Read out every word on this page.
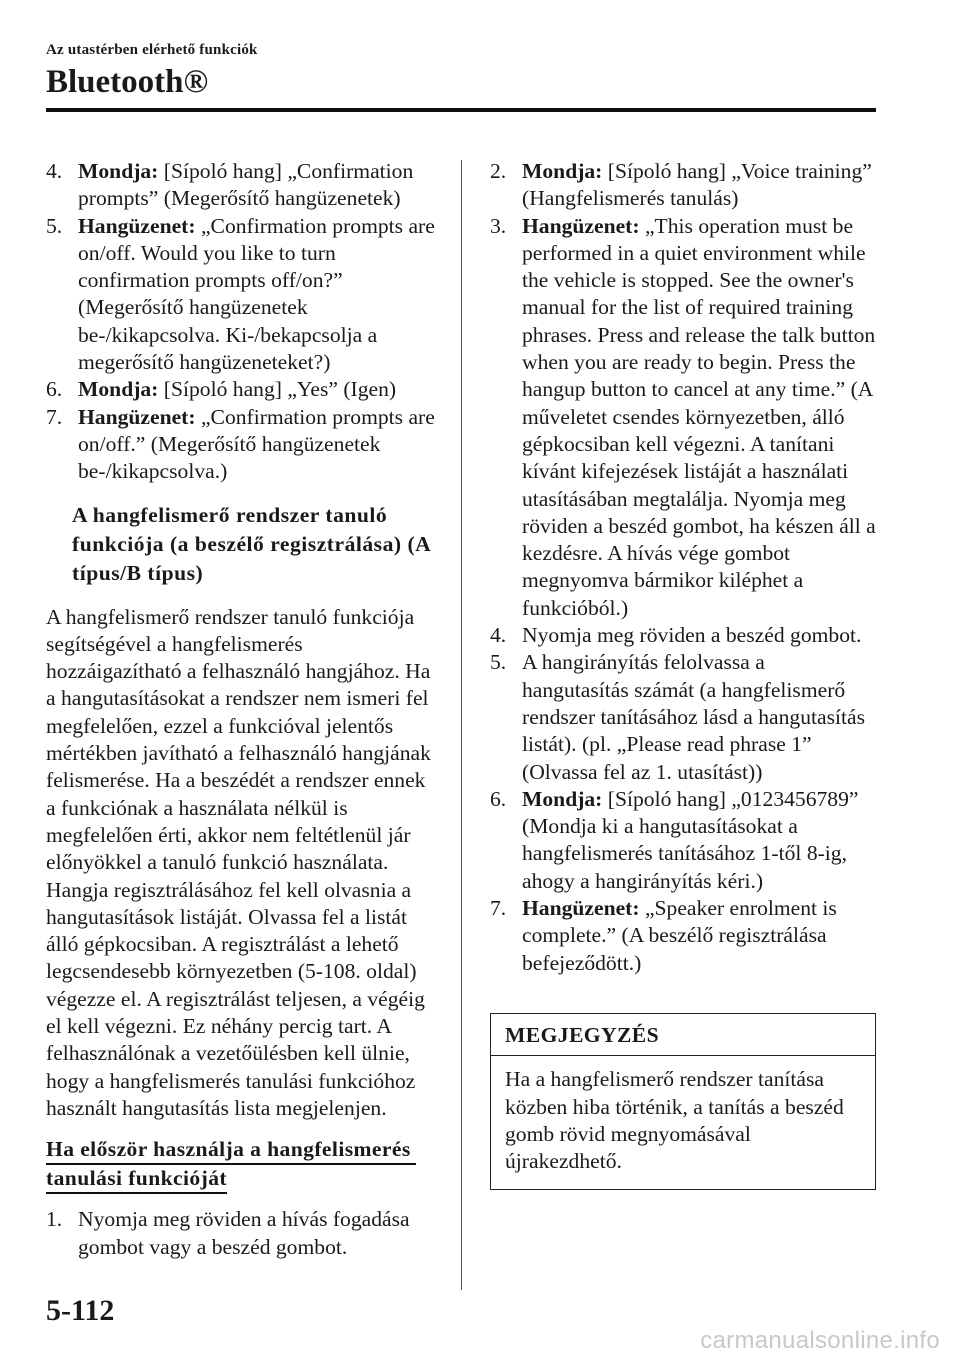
Az utastérben elérhető funkciók
Bluetooth®
4. Mondja: [Sípoló hang] „Confirmation prompts” (Megerősítő hangüzenetek)
5. Hangüzenet: „Confirmation prompts are on/off. Would you like to turn confirmation prompts off/on?” (Megerősítő hangüzenetek be-/kikapcsolva. Ki-/bekapcsolja a megerősítő hangüzeneteket?)
6. Mondja: [Sípoló hang] „Yes” (Igen)
7. Hangüzenet: „Confirmation prompts are on/off.” (Megerősítő hangüzenetek be-/kikapcsolva.)
A hangfelismerő rendszer tanuló funkciója (a beszélő regisztrálása) (A típus/B típus)
A hangfelismerő rendszer tanuló funkciója segítségével a hangfelismerés hozzáigazítható a felhasználó hangjához. Ha a hangutasításokat a rendszer nem ismeri fel megfelelően, ezzel a funkcióval jelentős mértékben javítható a felhasználó hangjának felismerése. Ha a beszédét a rendszer ennek a funkciónak a használata nélkül is megfelelően érti, akkor nem feltétlenül jár előnyökkel a tanuló funkció használata. Hangja regisztrálásához fel kell olvasnia a hangutasítások listáját. Olvassa fel a listát álló gépkocsiban. A regisztrálást a lehető legcsendesebb környezetben (5-108. oldal) végezze el. A regisztrálást teljesen, a végéig el kell végezni. Ez néhány percig tart. A felhasználónak a vezetőülésben kell ülnie, hogy a hangfelismerés tanulási funkcióhoz használt hangutasítás lista megjelenjen.
Ha először használja a hangfelismerés
tanulási funkcióját
1. Nyomja meg röviden a hívás fogadása gombot vagy a beszéd gombot.
2. Mondja: [Sípoló hang] „Voice training” (Hangfelismerés tanulás)
3. Hangüzenet: „This operation must be performed in a quiet environment while the vehicle is stopped. See the owner's manual for the list of required training phrases. Press and release the talk button when you are ready to begin. Press the hangup button to cancel at any time.” (A műveletet csendes környezetben, álló gépkocsiban kell végezni. A tanítani kívánt kifejezések listáját a használati utasításában megtalálja. Nyomja meg röviden a beszéd gombot, ha készen áll a kezdésre. A hívás vége gombot megnyomva bármikor kiléphet a funkcióból.)
4. Nyomja meg röviden a beszéd gombot.
5. A hangirányítás felolvassa a hangutasítás számát (a hangfelismerő rendszer tanításához lásd a hangutasítás listát). (pl. „Please read phrase 1” (Olvassa fel az 1. utasítást))
6. Mondja: [Sípoló hang] „0123456789” (Mondja ki a hangutasításokat a hangfelismerés tanításához 1-től 8-ig, ahogy a hangirányítás kéri.)
7. Hangüzenet: „Speaker enrolment is complete.” (A beszélő regisztrálása befejeződött.)
MEGJEGYZÉS
Ha a hangfelismerő rendszer tanítása közben hiba történik, a tanítás a beszéd gomb rövid megnyomásával újrakezdhető.
5-112
carmanualsonline.info
